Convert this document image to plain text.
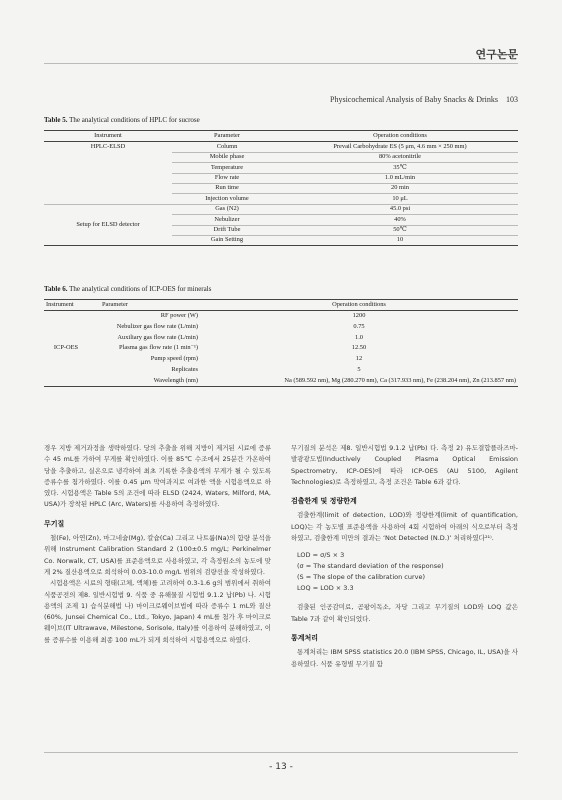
연구논문
Physicochemical Analysis of Baby Snacks & Drinks 103
Table 5. The analytical conditions of HPLC for sucrose
Instrument	Parameter	Operation conditions
HPLC-ELSD	Column	Prevail Carbohydrate ES (5 μm, 4.6 mm × 250 mm)
	Mobile phase	80% acetonitrile
	Temperature	35℃
	Flow rate	1.0 mL/min
	Run time	20 min
	Injection volume	10 μL
Setup for ELSD detector	Gas (N2)	45.0 psi
	Nebulizer	40%
	Drift Tube	50℃
	Gain Setting	10
Table 6. The analytical conditions of ICP-OES for minerals
Instrument	Parameter	Operation conditions
ICP-OES	RF power (W)	1200
	Nebulizer gas flow rate (L/min)	0.75
	Auxiliary gas flow rate (L/min)	1.0
	Plasma gas flow rate (1 min⁻¹)	12.50
	Pump speed (rpm)	12
	Replicates	5
	Wavelength (nm)	Na (589.592 nm), Mg (280.270 nm), Ca (317.933 nm), Fe (238.204 nm), Zn (213.857 nm)

경우 지방 제거과정을 생략하였다. 당의 추출을 위해 지방이 제거된 시료에 증류수 45 mL를 가하여 무게를 확인하였다. 이를 85℃ 수조에서 25분간 가온하여 당을 추출하고, 실온으로 냉각하여 최초 기록한 추출용액의 무게가 될 수 있도록 증류수를 첨가하였다. 이를 0.45 μm 막여과지로 여과한 액을 시험용액으로 하였다. 시험용액은 Table 5의 조건에 따라 ELSD (2424, Waters, Milford, MA, USA)가 장착된 HPLC (Arc, Waters)를 사용하여 측정하였다.

무기질

철(Fe), 아연(Zn), 마그네슘(Mg), 칼슘(Ca) 그리고 나트륨(Na)의 함량 분석을 위해 Instrument Calibration Standard 2 (100±0.5 mg/L; Perkinelmer Co. Norwalk, CT, USA)를 표준용액으로 사용하였고, 각 측정원소의 농도에 맞게 2% 질산용액으로 희석하여 0.03-10.0 mg/L 범위의 검량선을 작성하였다.

시험용액은 시료의 형태(고체, 액체)를 고려하여 0.3-1.6 g의 범위에서 취하여 식품공전의 제8. 일반시험법 9. 식품 중 유해물질 시험법 9.1.2 납(Pb) 나. 시험용액의 조제 1) 습식분해법 나) 마이크로웨이브법에 따라 증류수 1 mL와 질산(60%, Junsei Chemical Co., Ltd., Tokyo, Japan) 4 mL를 첨가 후 마이크로웨이브(IT Ultrawave, Milestone, Sorisole, Italy)를 이용하여 분해하였고, 이를 증류수를 이용해 최종 100 mL가 되게 희석하여 시험용액으로 하였다.

무기질의 분석은 제8. 일반시험법 9.1.2 납(Pb) 다. 측정 2) 유도결합플라즈마-발광광도법(Inductively Coupled Plasma Optical Emission Spectrometry, ICP-OES)에 따라 ICP-OES (AU 5100, Agilent Technologies)로 측정하였고, 측정 조건은 Table 6과 같다.

검출한계 및 정량한계

검출한계(limit of detection, LOD)와 정량한계(limit of quantification, LOQ)는 각 농도별 표준용액을 사용하여 4회 시험하여 아래의 식으로부터 측정하였고, 검출한계 미만의 결과는 ‘Not Detected (N.D.)’ 처리하였다²¹⁾.

LOD = σ/S × 3
(σ = The standard deviation of the response)
(S = The slope of the calibration curve)
LOQ = LOD × 3.3

검출된 인공감미료, 곰팡이독소, 자당 그리고 무기질의 LOD와 LOQ 값은 Table 7과 같이 확인되었다.

통계처리

통계처리는 IBM SPSS statistics 20.0 (IBM SPSS, Chicago, IL, USA)을 사용하였다. 식품 유형별 무기질 함

- 13 -
